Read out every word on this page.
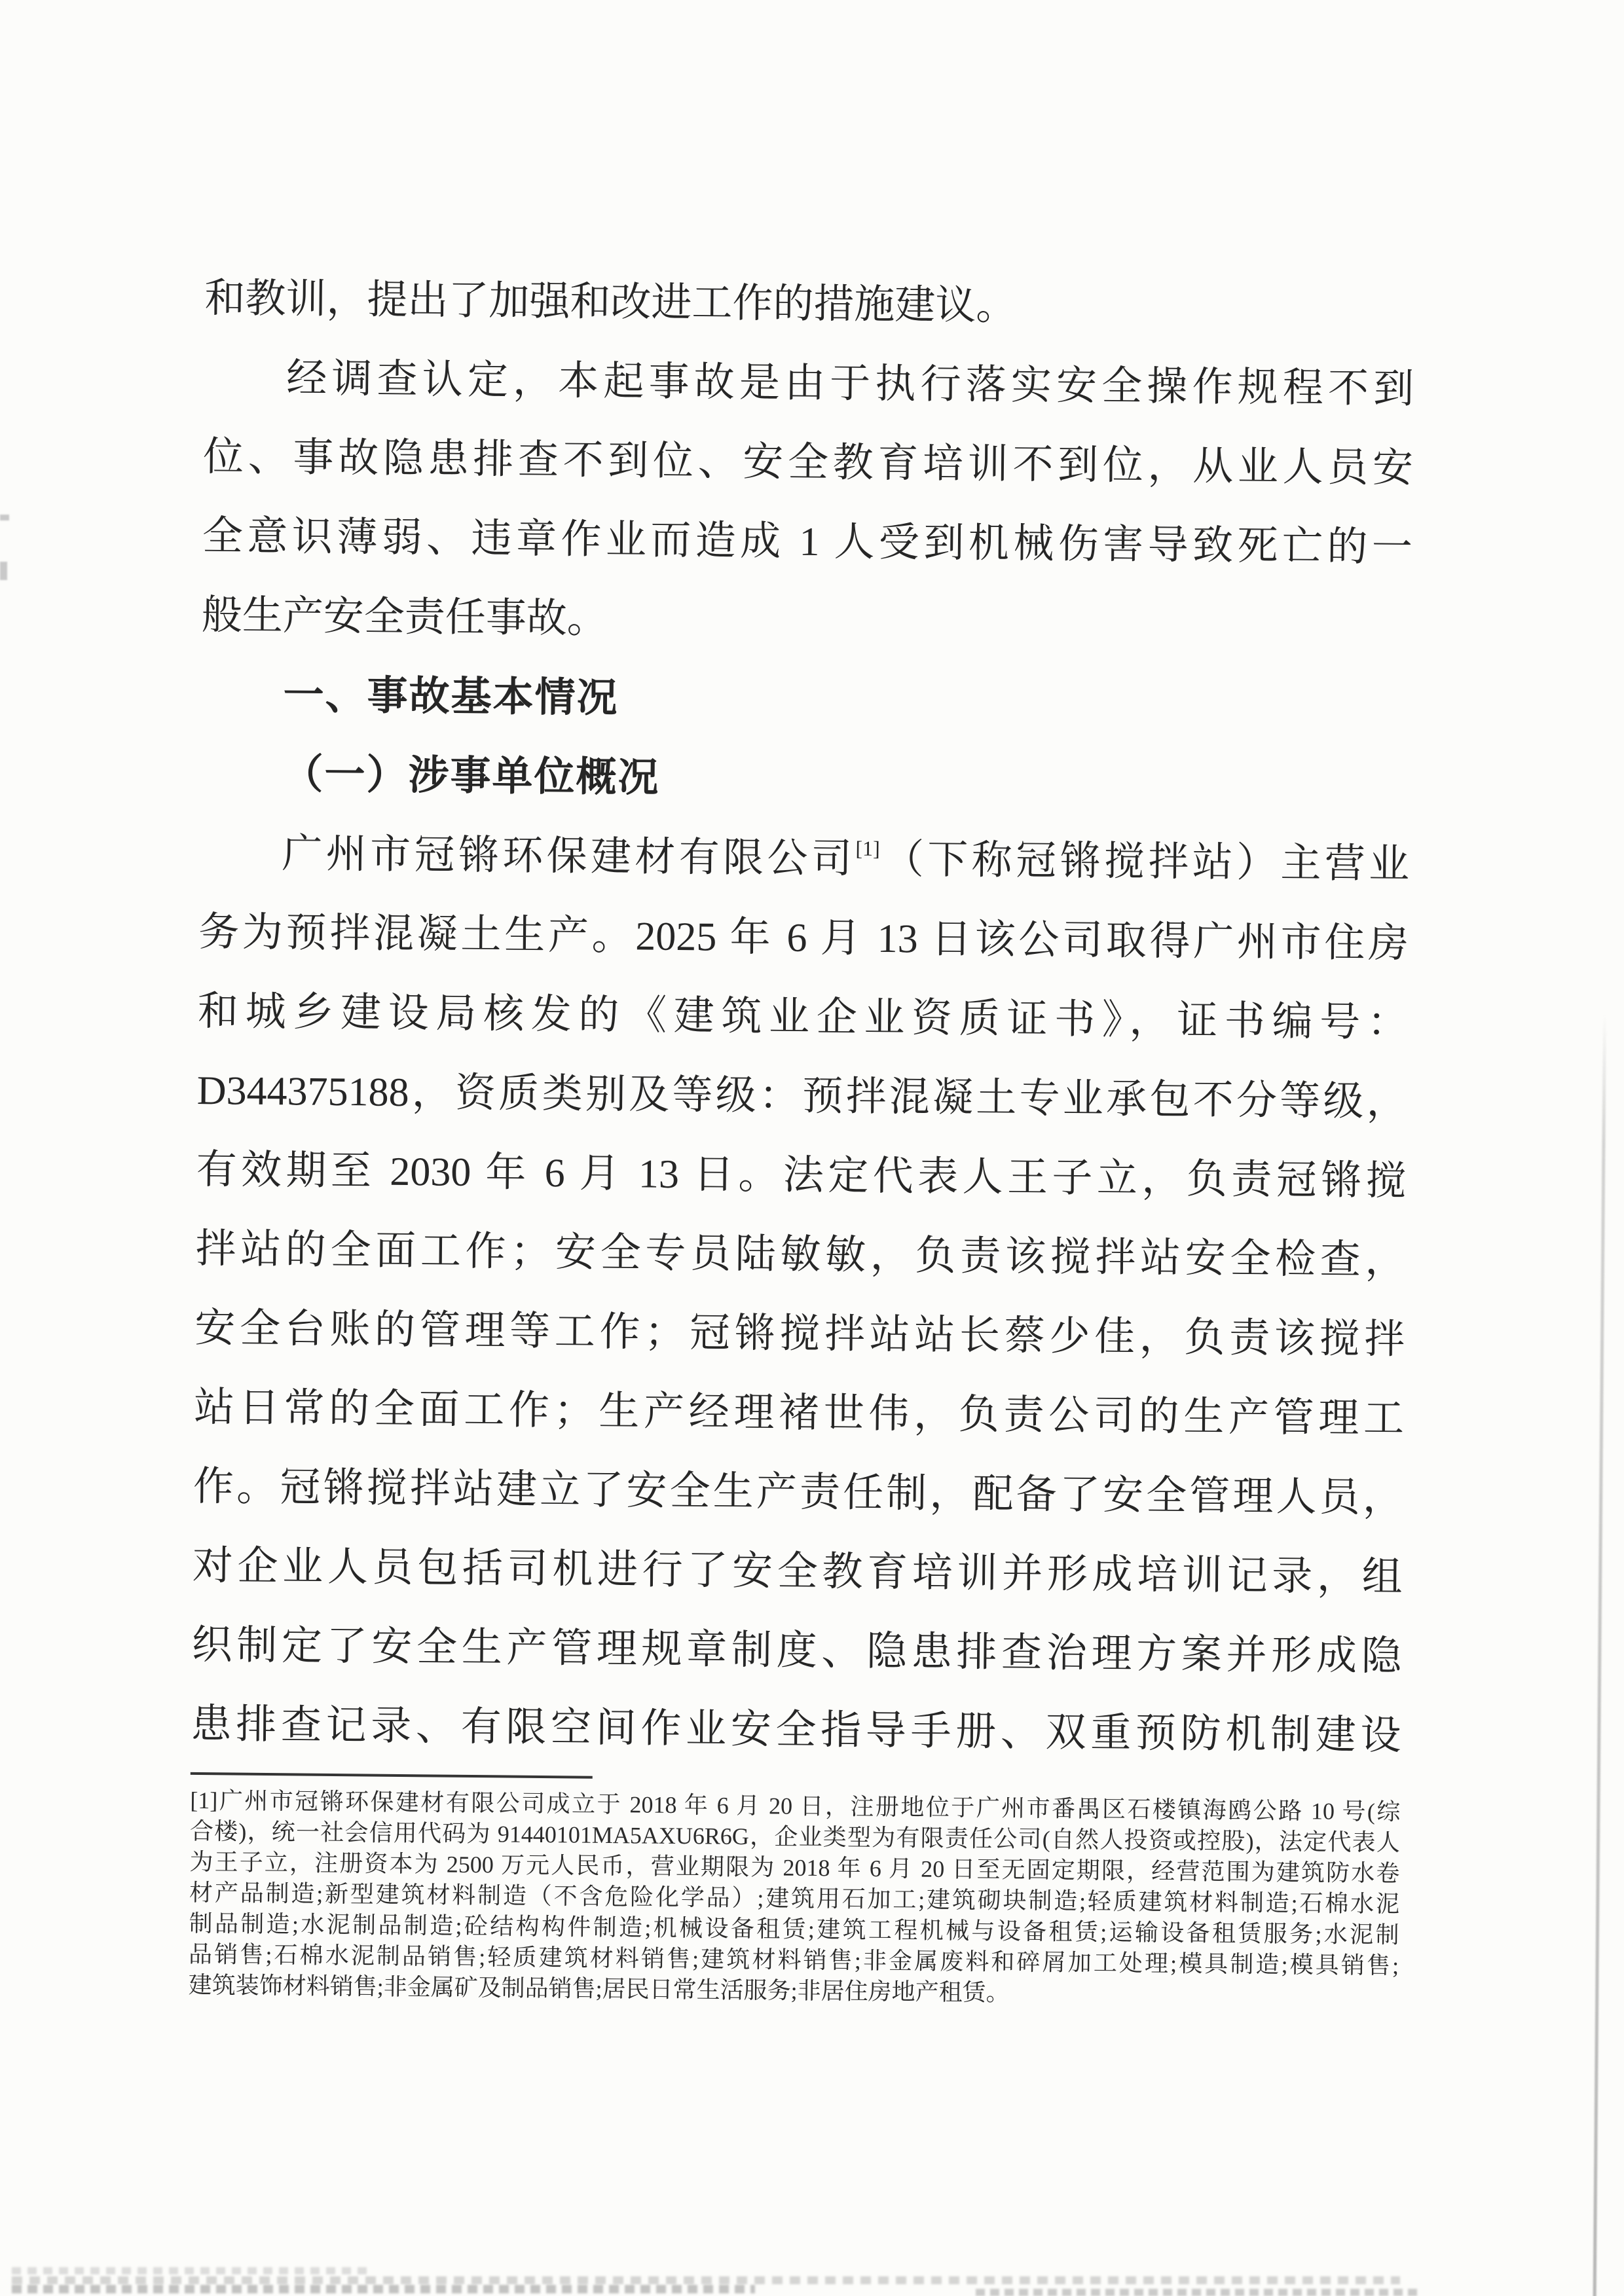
和教训，提出了加强和改进工作的措施建议。

经调查认定，本起事故是由于执行落实安全操作规程不到

位、事故隐患排查不到位、安全教育培训不到位，从业人员安

全意识薄弱、违章作业而造成 1 人受到机械伤害导致死亡的一

般生产安全责任事故。

一、事故基本情况
（一）涉事单位概况

广州市冠锵环保建材有限公司[1]（下称冠锵搅拌站）主营业

务为预拌混凝土生产。2025 年 6 月 13 日该公司取得广州市住房

和城乡建设局核发的《建筑业企业资质证书》，证书编号：

D344375188，资质类别及等级：预拌混凝土专业承包不分等级，

有效期至 2030 年 6 月 13 日。法定代表人王子立，负责冠锵搅

拌站的全面工作；安全专员陆敏敏，负责该搅拌站安全检查，

安全台账的管理等工作；冠锵搅拌站站长蔡少佳，负责该搅拌

站日常的全面工作；生产经理褚世伟，负责公司的生产管理工

作。冠锵搅拌站建立了安全生产责任制，配备了安全管理人员，

对企业人员包括司机进行了安全教育培训并形成培训记录，组

织制定了安全生产管理规章制度、隐患排查治理方案并形成隐

患排查记录、有限空间作业安全指导手册、双重预防机制建设

[1]广州市冠锵环保建材有限公司成立于 2018 年 6 月 20 日，注册地位于广州市番禺区石楼镇海鸥公路 10 号(综

合楼)，统一社会信用代码为 91440101MA5AXU6R6G，企业类型为有限责任公司(自然人投资或控股)，法定代表人

为王子立，注册资本为 2500 万元人民币，营业期限为 2018 年 6 月 20 日至无固定期限，经营范围为建筑防水卷

材产品制造;新型建筑材料制造（不含危险化学品）;建筑用石加工;建筑砌块制造;轻质建筑材料制造;石棉水泥

制品制造;水泥制品制造;砼结构构件制造;机械设备租赁;建筑工程机械与设备租赁;运输设备租赁服务;水泥制

品销售;石棉水泥制品销售;轻质建筑材料销售;建筑材料销售;非金属废料和碎屑加工处理;模具制造;模具销售;

建筑装饰材料销售;非金属矿及制品销售;居民日常生活服务;非居住房地产租赁。
